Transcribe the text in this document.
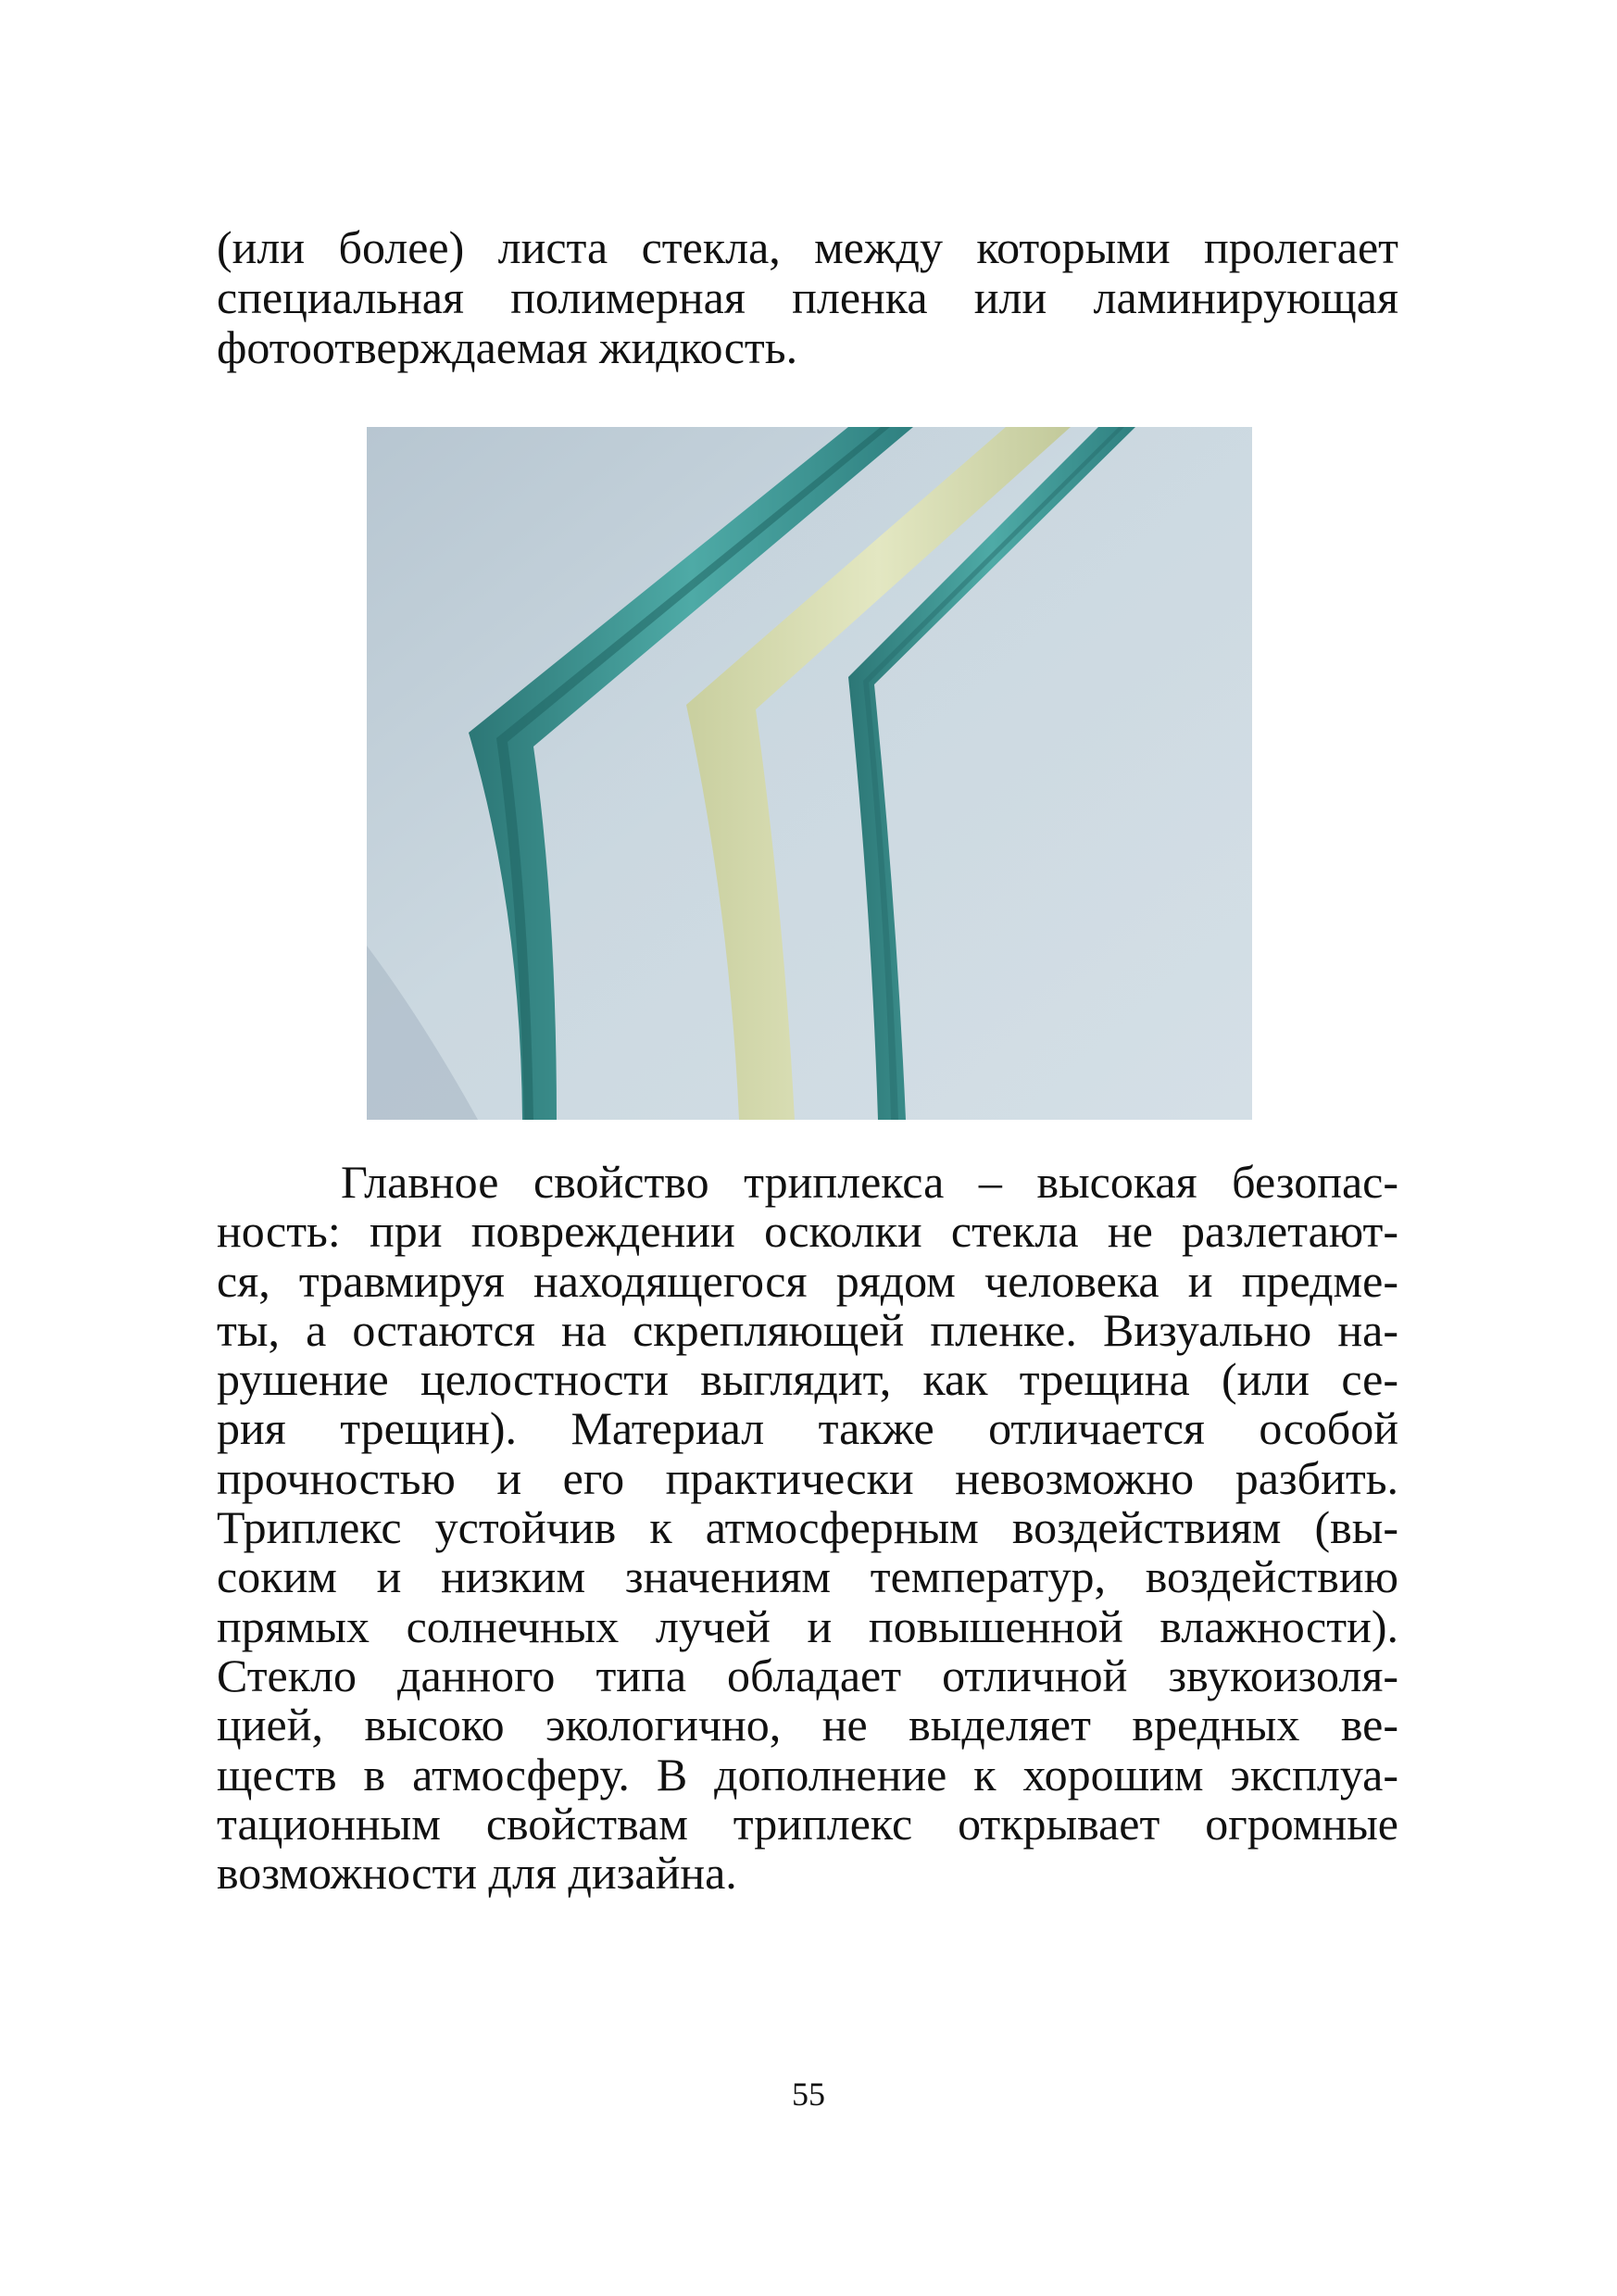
(или более) листа стекла, между которыми пролегает
специальная полимерная пленка или ламинирующая
фотоотверждаемая жидкость.
Главное свойство триплекса – высокая безопас-
ность: при повреждении осколки стекла не разлетают-
ся, травмируя находящегося рядом человека и предме-
ты, а остаются на скрепляющей пленке. Визуально на-
рушение целостности выглядит, как трещина (или се-
рия трещин). Материал также отличается особой
прочностью и его практически невозможно разбить.
Триплекс устойчив к атмосферным воздействиям (вы-
соким и низким значениям температур, воздействию
прямых солнечных лучей и повышенной влажности).
Стекло данного типа обладает отличной звукоизоля-
цией, высоко экологично, не выделяет вредных ве-
ществ в атмосферу. В дополнение к хорошим эксплуа-
тационным свойствам триплекс открывает огромные
возможности для дизайна.
55
